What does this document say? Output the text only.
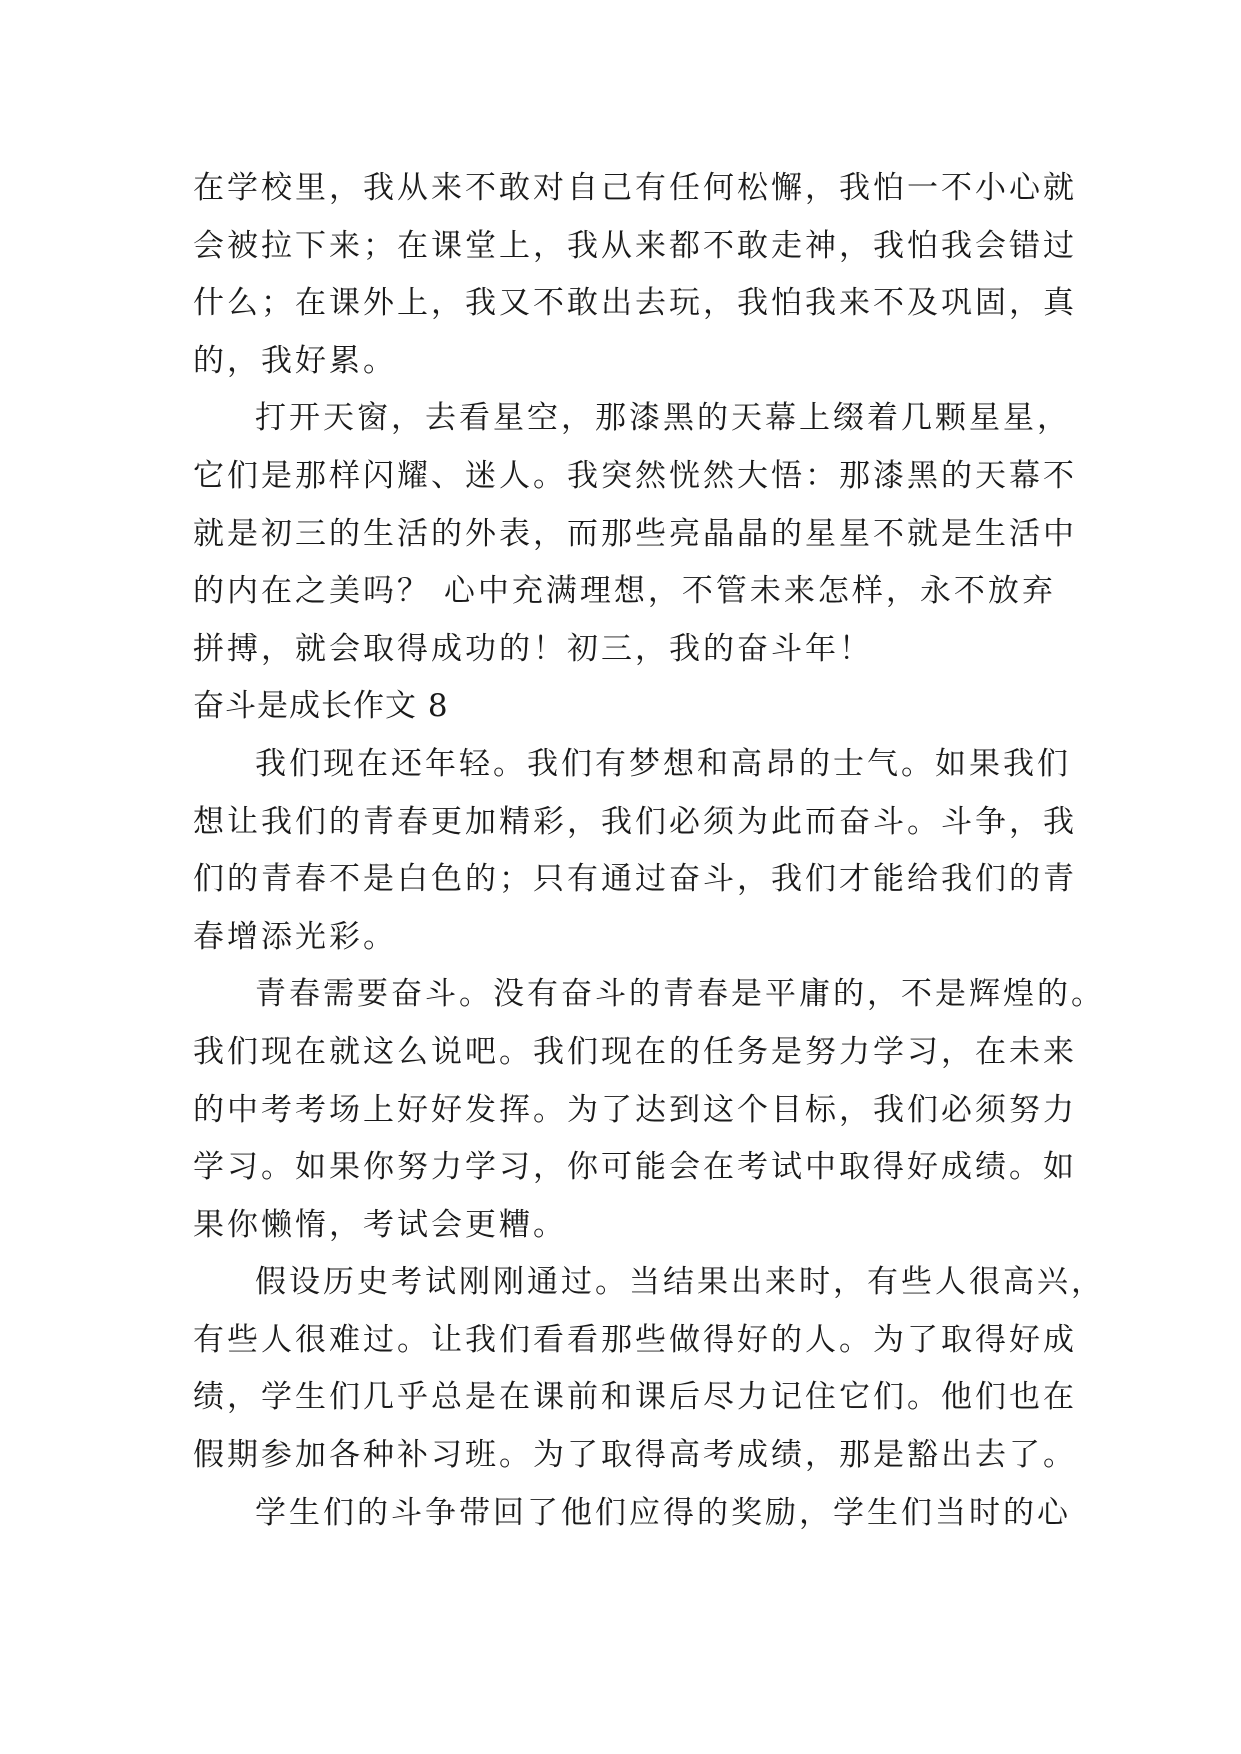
在学校里，我从来不敢对自己有任何松懈，我怕一不小心就
会被拉下来；在课堂上，我从来都不敢走神，我怕我会错过
什么；在课外上，我又不敢出去玩，我怕我来不及巩固，真
的，我好累。
打开天窗，去看星空，那漆黑的天幕上缀着几颗星星，
它们是那样闪耀、迷人。我突然恍然大悟：那漆黑的天幕不
就是初三的生活的外表，而那些亮晶晶的星星不就是生活中
的内在之美吗？ 心中充满理想，不管未来怎样，永不放弃
拼搏，就会取得成功的！初三，我的奋斗年！
奋斗是成长作文 8
我们现在还年轻。我们有梦想和高昂的士气。如果我们
想让我们的青春更加精彩，我们必须为此而奋斗。斗争，我
们的青春不是白色的；只有通过奋斗，我们才能给我们的青
春增添光彩。
青春需要奋斗。没有奋斗的青春是平庸的，不是辉煌的。
我们现在就这么说吧。我们现在的任务是努力学习，在未来
的中考考场上好好发挥。为了达到这个目标，我们必须努力
学习。如果你努力学习，你可能会在考试中取得好成绩。如
果你懒惰，考试会更糟。
假设历史考试刚刚通过。当结果出来时，有些人很高兴，
有些人很难过。让我们看看那些做得好的人。为了取得好成
绩，学生们几乎总是在课前和课后尽力记住它们。他们也在
假期参加各种补习班。为了取得高考成绩，那是豁出去了。
学生们的斗争带回了他们应得的奖励，学生们当时的心
